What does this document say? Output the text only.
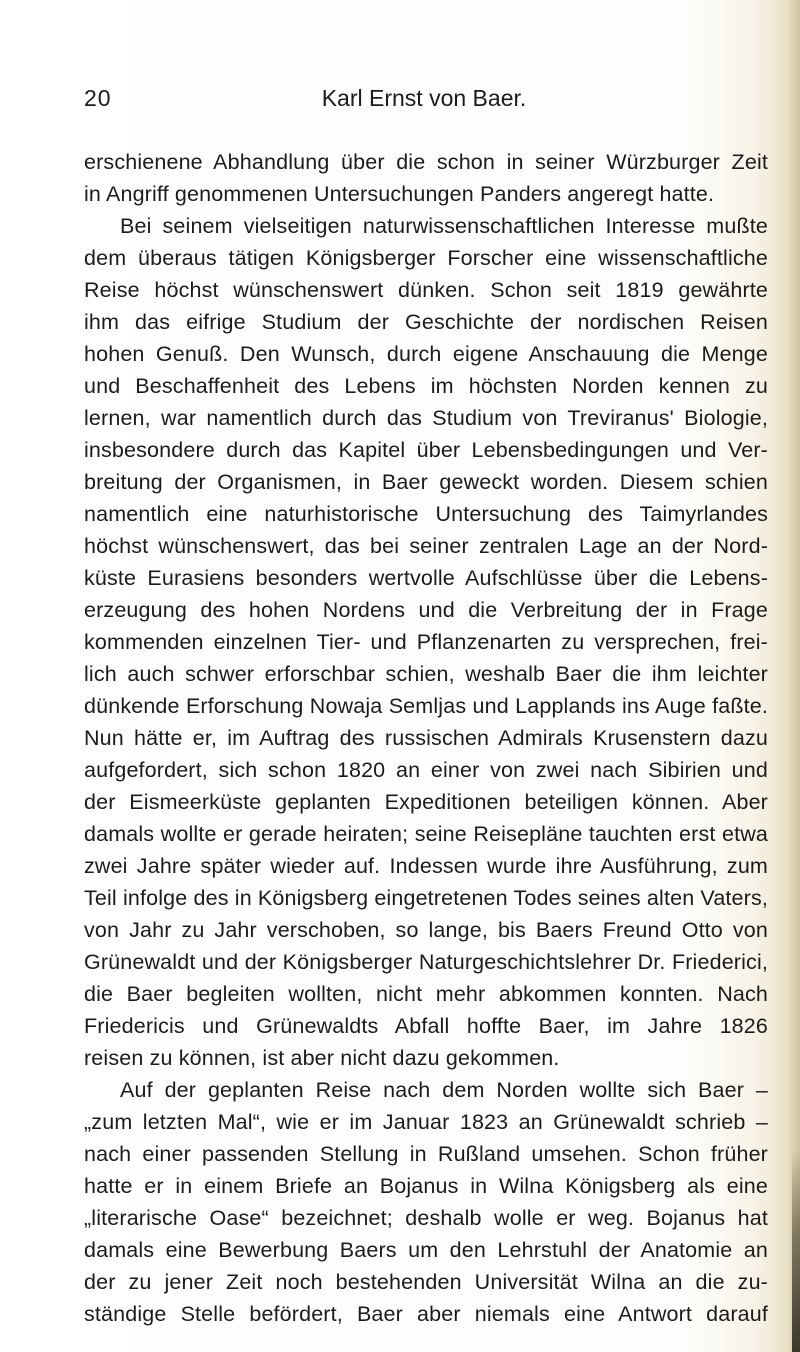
20	Karl Ernst von Baer.
erschienene Abhandlung über die schon in seiner Würzburger Zeit
in Angriff genommenen Untersuchungen Panders angeregt hatte.
Bei seinem vielseitigen naturwissenschaftlichen Interesse mußte
dem überaus tätigen Königsberger Forscher eine wissenschaftliche
Reise höchst wünschenswert dünken. Schon seit 1819 gewährte
ihm das eifrige Studium der Geschichte der nordischen Reisen
hohen Genuß. Den Wunsch, durch eigene Anschauung die Menge
und Beschaffenheit des Lebens im höchsten Norden kennen zu
lernen, war namentlich durch das Studium von Treviranus' Biologie,
insbesondere durch das Kapitel über Lebensbedingungen und Ver-
breitung der Organismen, in Baer geweckt worden. Diesem schien
namentlich eine naturhistorische Untersuchung des Taimyrlandes
höchst wünschenswert, das bei seiner zentralen Lage an der Nord-
küste Eurasiens besonders wertvolle Aufschlüsse über die Lebens-
erzeugung des hohen Nordens und die Verbreitung der in Frage
kommenden einzelnen Tier- und Pflanzenarten zu versprechen, frei-
lich auch schwer erforschbar schien, weshalb Baer die ihm leichter
dünkende Erforschung Nowaja Semljas und Lapplands ins Auge faßte.
Nun hätte er, im Auftrag des russischen Admirals Krusenstern dazu
aufgefordert, sich schon 1820 an einer von zwei nach Sibirien und
der Eismeerküste geplanten Expeditionen beteiligen können. Aber
damals wollte er gerade heiraten; seine Reisepläne tauchten erst etwa
zwei Jahre später wieder auf. Indessen wurde ihre Ausführung, zum
Teil infolge des in Königsberg eingetretenen Todes seines alten Vaters,
von Jahr zu Jahr verschoben, so lange, bis Baers Freund Otto von
Grünewaldt und der Königsberger Naturgeschichtslehrer Dr. Friederici,
die Baer begleiten wollten, nicht mehr abkommen konnten. Nach
Friedericis und Grünewaldts Abfall hoffte Baer, im Jahre 1826
reisen zu können, ist aber nicht dazu gekommen.
Auf der geplanten Reise nach dem Norden wollte sich Baer –
„zum letzten Mal“, wie er im Januar 1823 an Grünewaldt schrieb –
nach einer passenden Stellung in Rußland umsehen. Schon früher
hatte er in einem Briefe an Bojanus in Wilna Königsberg als eine
„literarische Oase“ bezeichnet; deshalb wolle er weg. Bojanus hat
damals eine Bewerbung Baers um den Lehrstuhl der Anatomie an
der zu jener Zeit noch bestehenden Universität Wilna an die zu-
ständige Stelle befördert, Baer aber niemals eine Antwort darauf
